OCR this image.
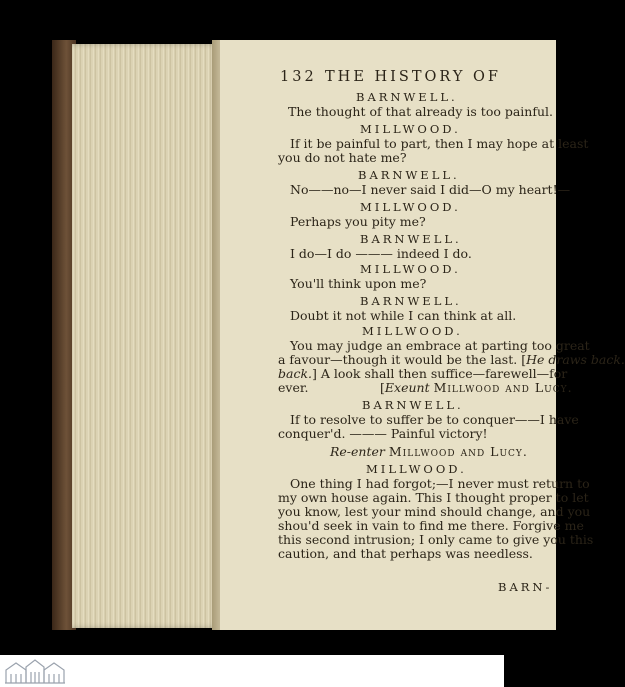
132 THE HISTORY OF
BARNWELL.
The thought of that already is too painful.
MILLWOOD.
If it be painful to part, then I may hope at least
you do not hate me?
BARNWELL.
No——no—I never said I did—O my heart!—
MILLWOOD.
Perhaps you pity me?
BARNWELL.
I do—I do ——— indeed I do.
MILLWOOD.
You'll think upon me?
BARNWELL.
Doubt it not while I can think at all.
MILLWOOD.
You may judge an embrace at parting too great
a favour—though it would be the last. [He draws back.
back.] A look shall then suffice—farewell—for
ever.	[Exeunt Millwood and Lucy.
BARNWELL.
If to resolve to suffer be to conquer——I have
conquer'd. ——— Painful victory!
Re-enter Millwood and Lucy.
MILLWOOD.
One thing I had forgot;—I never must return to
my own house again. This I thought proper to let
you know, lest your mind should change, and you
shou'd seek in vain to find me there. Forgive me
this second intrusion; I only came to give you this
caution, and that perhaps was needless.
BARN-
